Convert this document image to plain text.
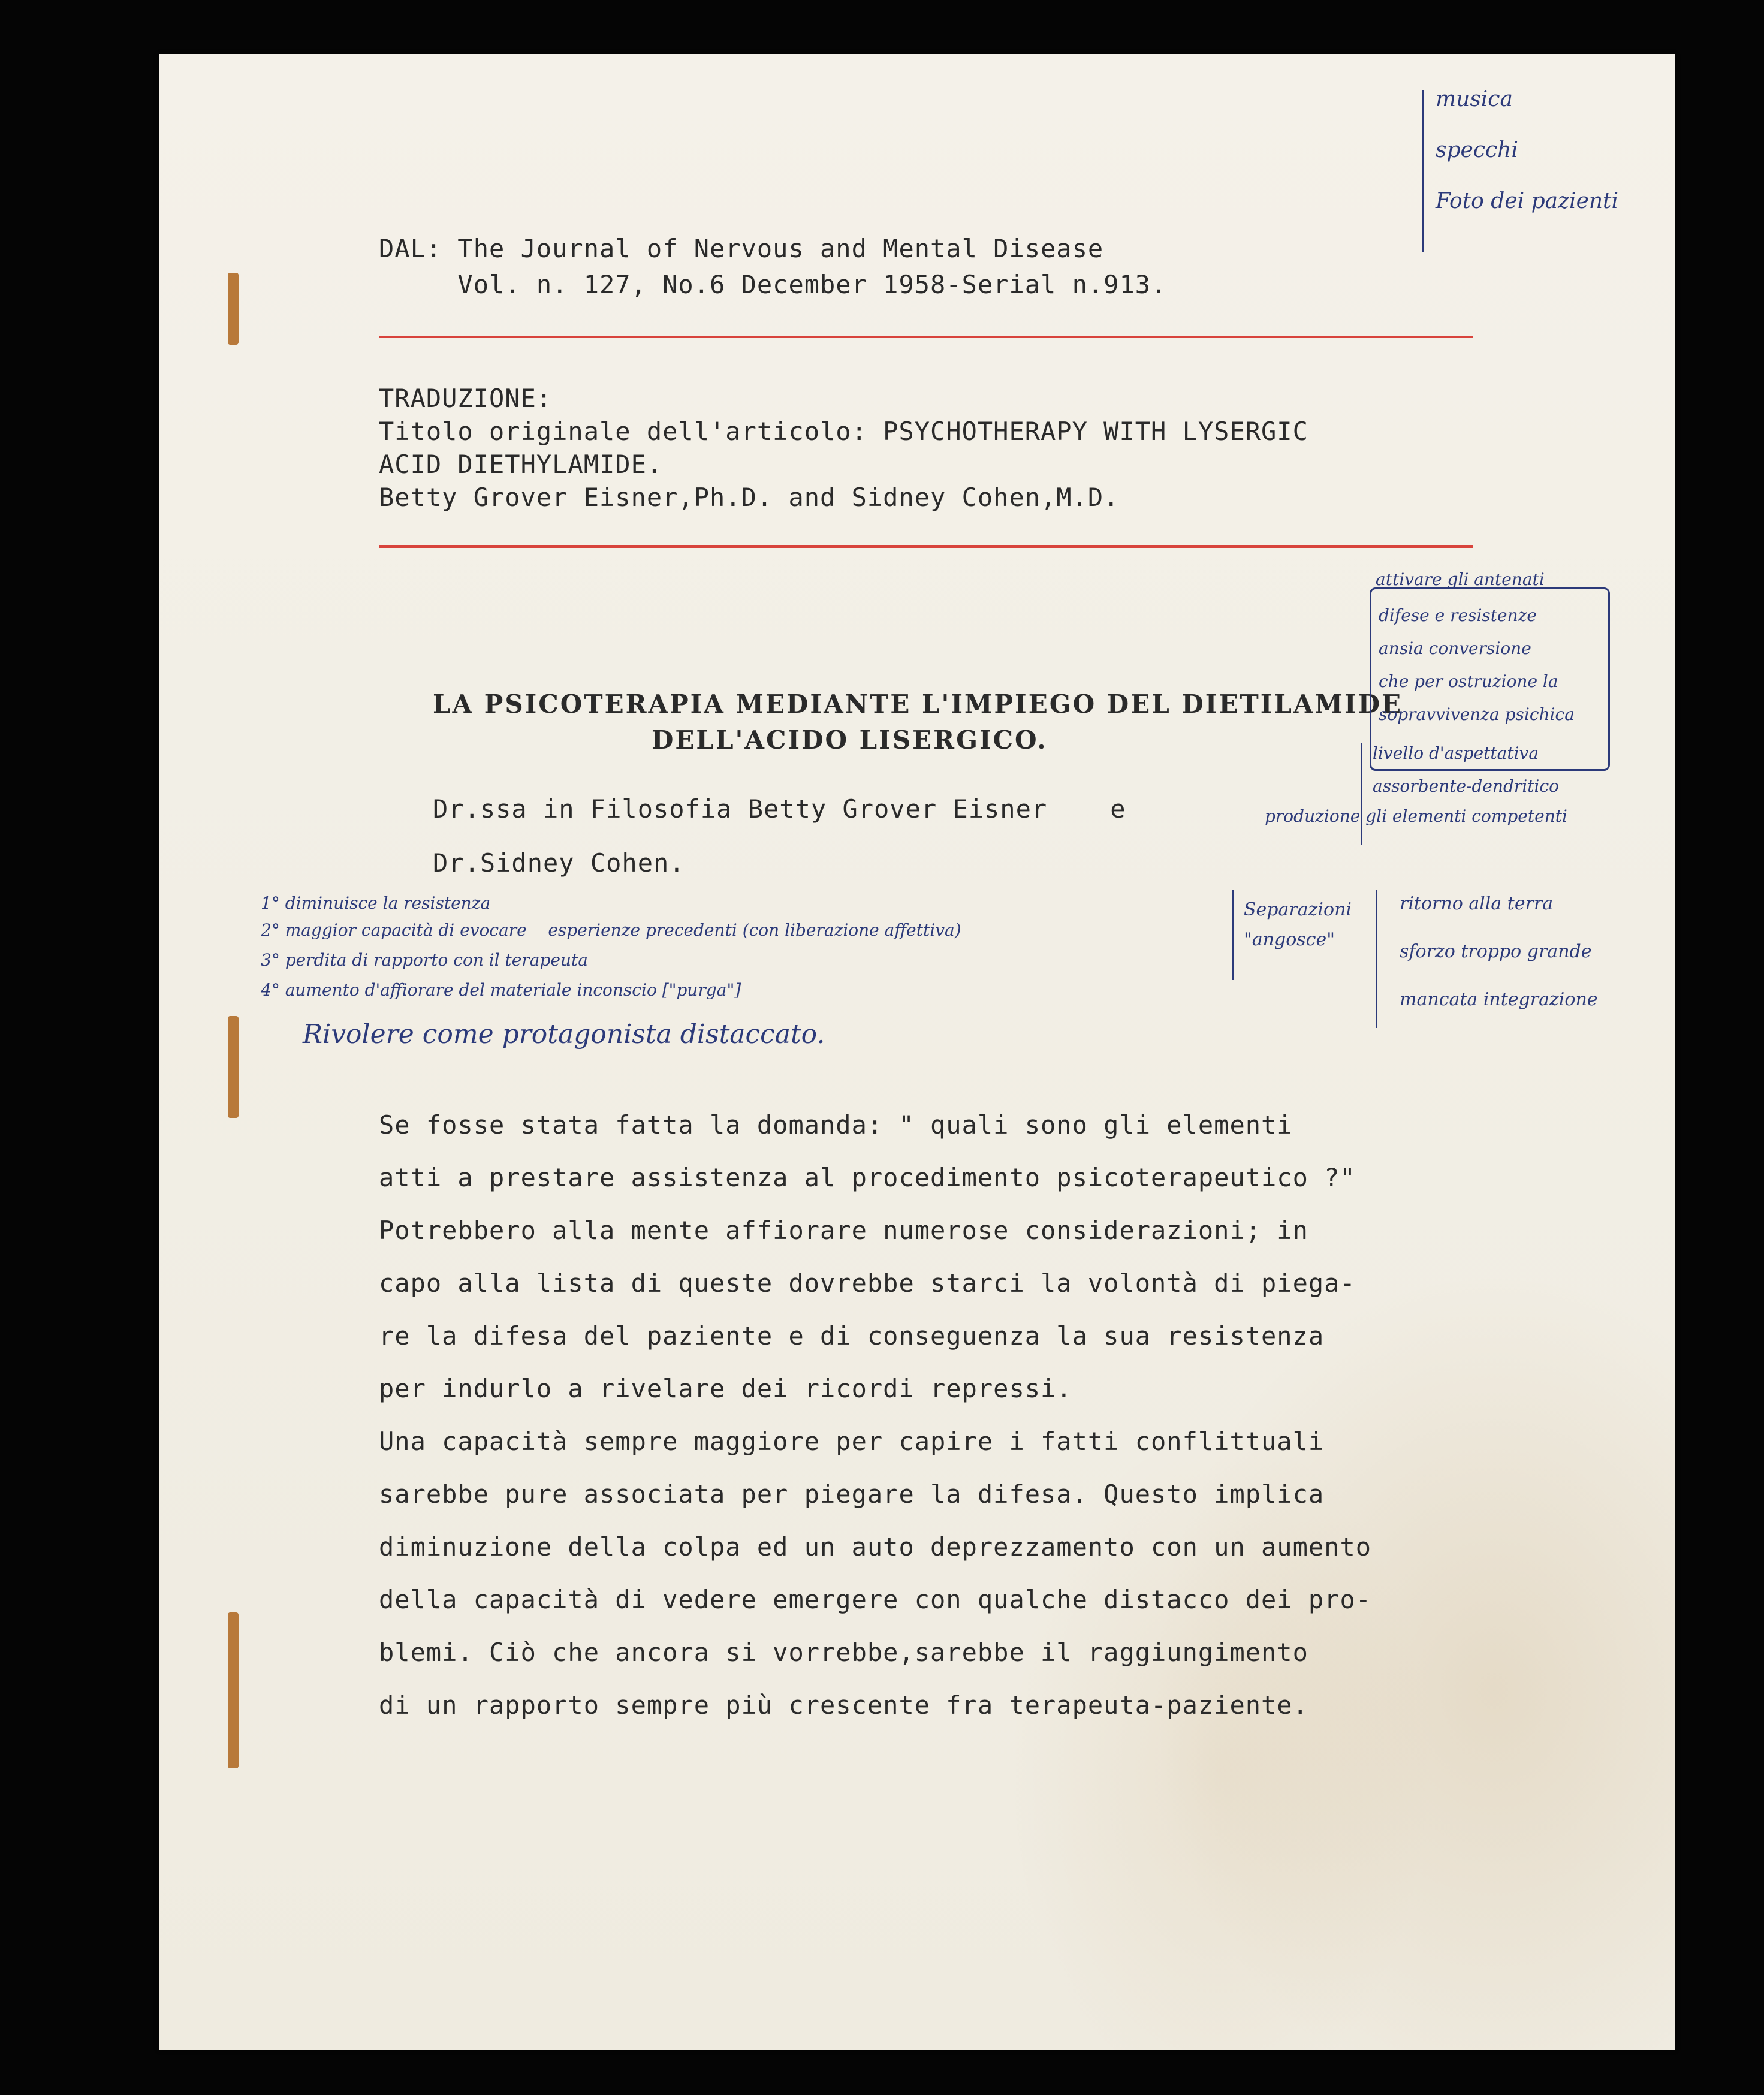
DAL: The Journal of Nervous and Mental Disease
Vol. n. 127, No.6 December 1958-Serial n.913.
TRADUZIONE:
Titolo originale dell'articolo: PSYCHOTHERAPY WITH LYSERGIC
ACID DIETHYLAMIDE.
Betty Grover Eisner,Ph.D. and Sidney Cohen,M.D.
LA PSICOTERAPIA MEDIANTE L'IMPIEGO DEL DIETILAMIDE
DELL'ACIDO LISERGICO.
Dr.ssa in Filosofia Betty Grover Eisner    e
Dr.Sidney Cohen.
Se fosse stata fatta la domanda: " quali sono gli elementi
atti a prestare assistenza al procedimento psicoterapeutico ?"
Potrebbero alla mente affiorare numerose considerazioni; in
capo alla lista di queste dovrebbe starci la volontà di piega-
re la difesa del paziente e di conseguenza la sua resistenza
per indurlo a rivelare dei ricordi repressi.
Una capacità sempre maggiore per capire i fatti conflittuali
sarebbe pure associata per piegare la difesa. Questo implica
diminuzione della colpa ed un auto deprezzamento con un aumento
della capacità di vedere emergere con qualche distacco dei pro-
blemi. Ciò che ancora si vorrebbe,sarebbe il raggiungimento
di un rapporto sempre più crescente fra terapeuta-paziente.
musica
specchi
Foto dei pazienti
attivare gli antenati
difese e resistenze
ansia conversione
che per ostruzione la
sopravvivenza psichica
livello d'aspettativa
assorbente-dendritico
produzione gli elementi competenti
1° diminuisce la resistenza
2° maggior capacità di evocare    esperienze precedenti (con liberazione affettiva)
3° perdita di rapporto con il terapeuta
4° aumento d'affiorare del materiale inconscio ["purga"]
Separazioni
"angosce"
ritorno alla terra
sforzo troppo grande
mancata integrazione
Rivolere come protagonista distaccato.
